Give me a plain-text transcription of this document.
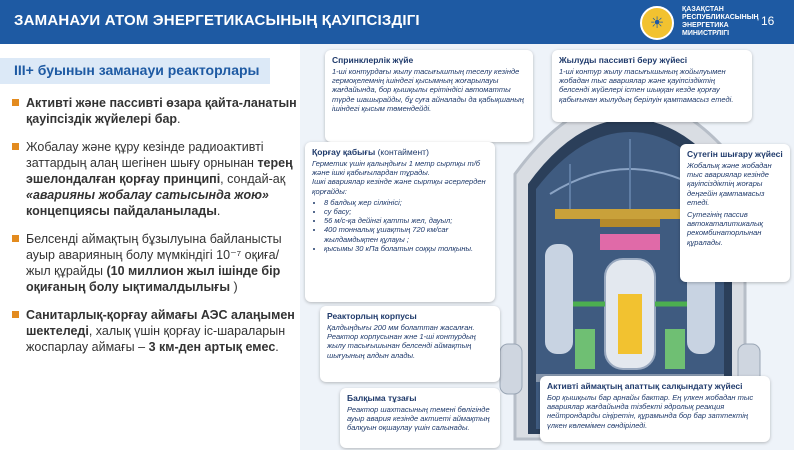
ЗАМАНАУИ АТОМ ЭНЕРГЕТИКАСЫНЫҢ ҚАУІПСІЗДІГІ	☀
ҚАЗАҚСТАН
РЕСПУБЛИКАСЫНЫҢ
ЭНЕРГЕТИКА
МИНИСТРЛІГІ
16
ІІІ+ буынын заманауи реакторлары
Активті және пассивті өзара қайта-ланатын қауіпсіздік жүйелері бар.
Жобалау және құру кезінде радиоактивті заттардың алаң шегінен шығу орнынан терең эшелондалған қорғау принципі, сондай-ақ «аварияны жобалау сатысында жою» концепциясы пайдаланылады.
Белсенді аймақтың бұзылуына байланысты ауыр аварияның болу мүмкіндігі 10⁻⁷ оқиға/жыл құрайды (10 миллион жыл ішінде бір оқиғаның болу ықтималдылығы )
Санитарлық-қорғау аймағы АЭС алаңымен шектеледі, халық үшін қорғау іс-шараларын жоспарлау аймағы – 3 км-ден артық емес.
Спринклерлік жүйе
1-ші контурдағы жылу тасығыштың теселу кезінде гермоқелемнің ішіндегі қысымның жоғарылауы жағдайында, бор қышқылы ерітіндісі автоматты түрде шашырайды, бұ суға айналады да қабықшаның ішіндегі қысым төмендейді.
Жылуды пассивті беру жүйесі
1-ші контур жылу тасығышының жойылуымен жобадан тыс авариялар және қауіпсіздіктің белсенді жүйелері істен шыққан кезде қорғау қабығынан жылудың берілуін қамтамасыз етеді.
Қорғау қабығы (контаймент)
Герметик үшін қалыңдығы 1 метр сыртқы т/б және ішкі қабығылардан тұрады.
Ішкі авариялар кезінде және сыртқы әсерлерден қорғайды:
• 8 балдық жер сілкінісі;
• су басу;
• 56 м/с-қа дейінгі қатты жел, дауыл;
• 400 тонналық ұшақтың 720 км/сағ жылдамдықпен құлауы ;
• қысымы 30 кПа болатын соққы толқыны.
Сутегін шығару жүйесі
Жобалық және жобадан тыс авариялар кезінде қауіпсіздіктің жоғары деңгейін қамтамасыз етеді.
Сутегінің пассив автокаталитикалық рекомбинаторлынан құралады.
Реакторлың корпусы
Қалдыңдығы 200 мм болаттан жасалған. Реактор корпусынан жне 1-ші контурдың жылу тасығышынан белсенді аймақтың шығуының алдын алады.
Балқыма тұзағы
Реактор шахтасының темені бөлігінде ауыр авария кезінде актиеті аймақтың балқуын оқшаулау үшін салынады.
Активті аймақтың апаттық салқындату жүйесі
Бор қышқылы бар арнайы бактар. Ең үлкен жобадан тыс авариялар жағдайында тізбекті ядролық реакция нейтрондарды сіңіретін, құрамында бор бар заттектің үлкен көлемімен сөндіріледі.
